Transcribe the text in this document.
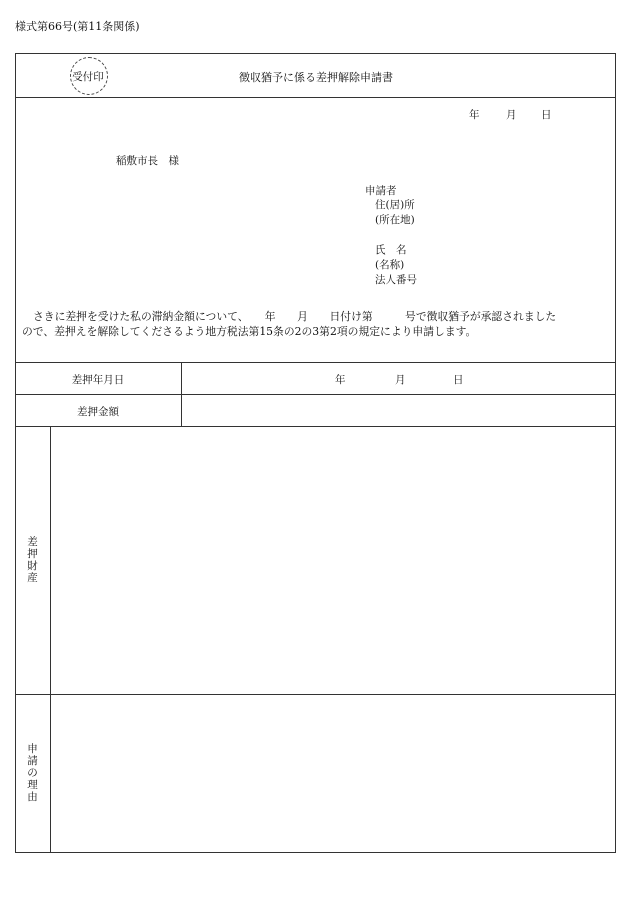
様式第66号(第11条関係)
受付印	徴収猶予に係る差押解除申請書
年	月 日
稲敷市長　様
申請者
住(居)所
(所在地)
氏　名
(名称)
法人番号
さきに差押を受けた私の滞納金額について、　　年　　月　　日付け第　　　号で徴収猶予が承認されました
ので、差押えを解除してくださるよう地方税法第15条の2の3第2項の規定により申請します。
差押年月日	年	月	日
差押金額
差
押
財
産
申
請
の
理
由
